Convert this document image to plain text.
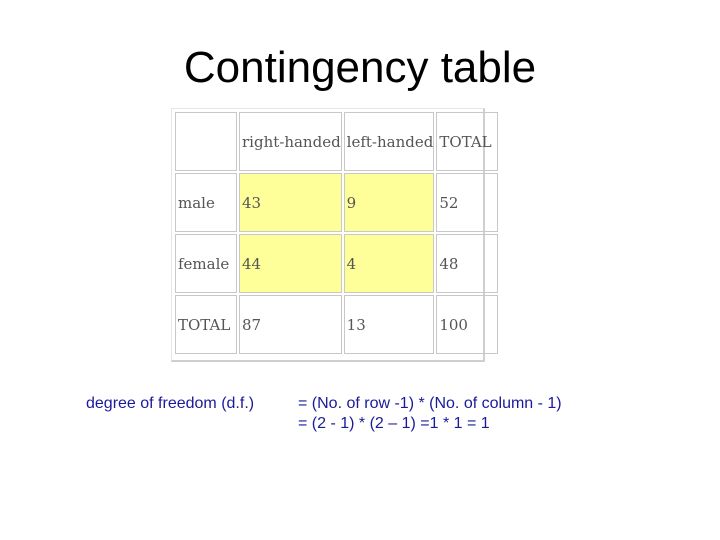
Contingency table
	right-handed	left-handed	TOTAL
male	43	9	52
female	44	4	48
TOTAL	87	13	100
degree of freedom (d.f.)	= (No. of row -1) * (No. of column - 1)
= (2 - 1) * (2 – 1) =1 * 1 = 1
